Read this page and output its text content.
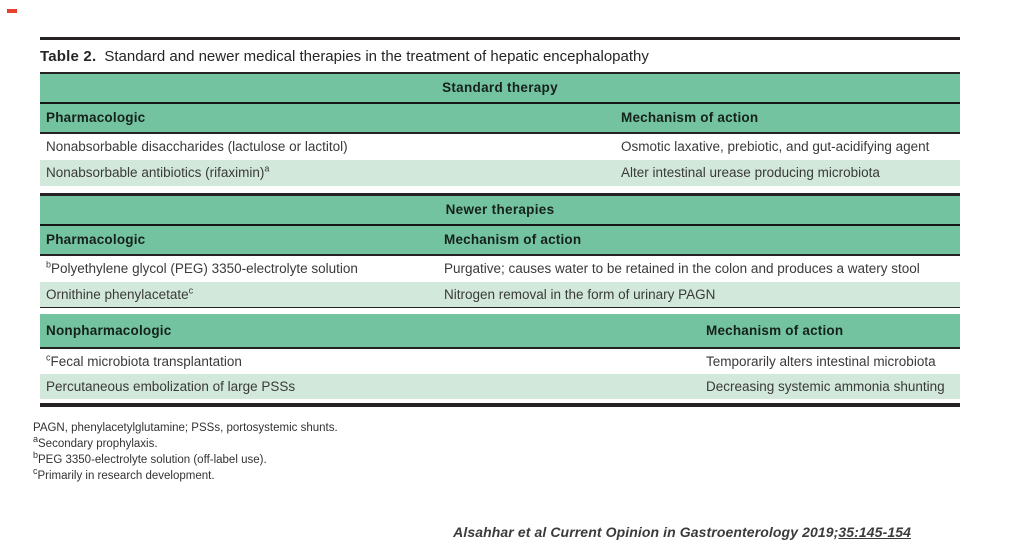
Table 2. Standard and newer medical therapies in the treatment of hepatic encephalopathy
Standard therapy
Pharmacologic	Mechanism of action
Nonabsorbable disaccharides (lactulose or lactitol)	Osmotic laxative, prebiotic, and gut-acidifying agent
Nonabsorbable antibiotics (rifaximin)$^a$	Alter intestinal urease producing microbiota
Newer therapies
Pharmacologic	Mechanism of action
$^b$Polyethylene glycol (PEG) 3350-electrolyte solution	Purgative; causes water to be retained in the colon and produces a watery stool
Ornithine phenylacetate$^c$	Nitrogen removal in the form of urinary PAGN
Nonpharmacologic	Mechanism of action
$^c$Fecal microbiota transplantation	Temporarily alters intestinal microbiota
Percutaneous embolization of large PSSs	Decreasing systemic ammonia shunting
PAGN, phenylacetylglutamine; PSSs, portosystemic shunts.
$^a$Secondary prophylaxis.
$^b$PEG 3350-electrolyte solution (off-label use).
$^c$Primarily in research development.
Alsahhar et al Current Opinion in Gastroenterology 2019;35:145-154
